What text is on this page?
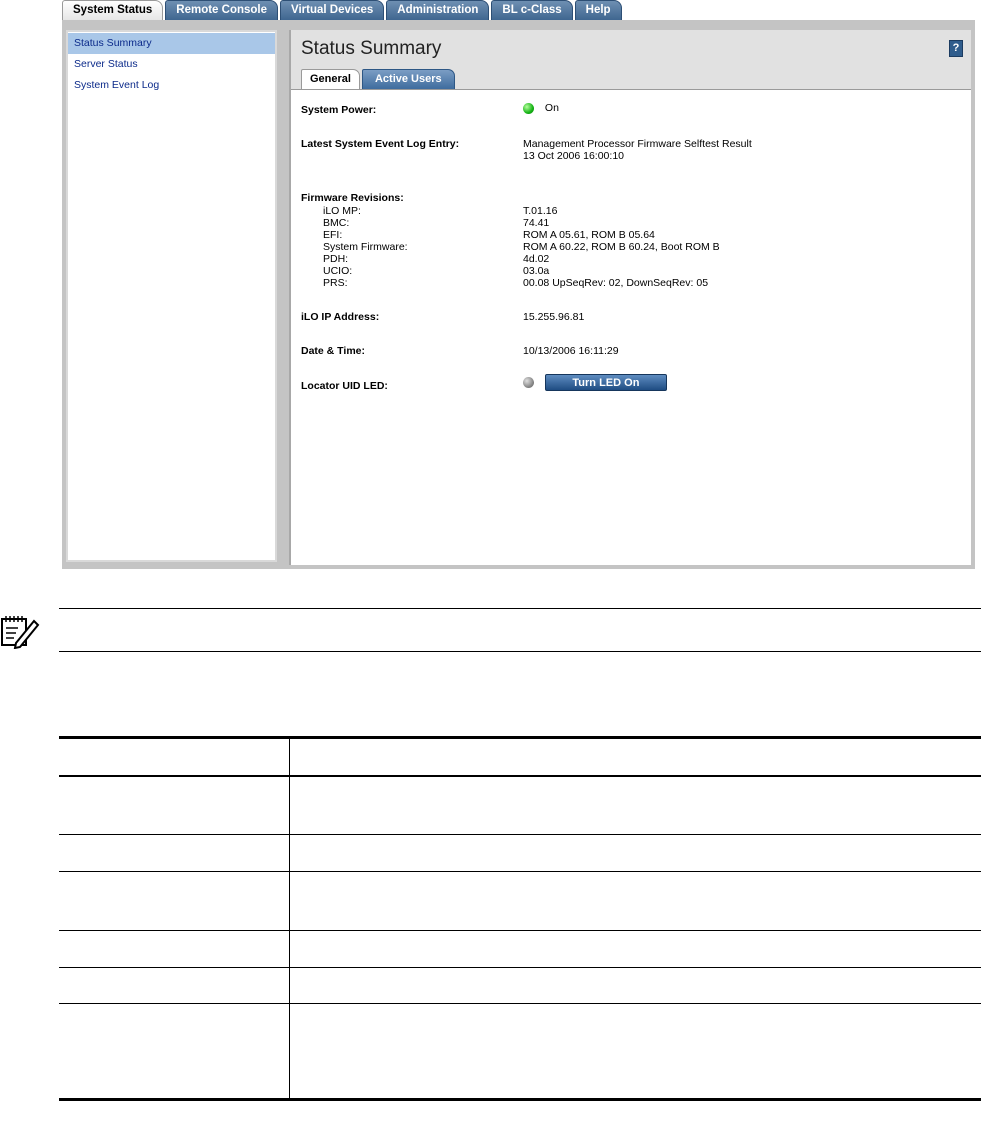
System Status	Remote Console	Virtual Devices	Administration	BL c-Class	Help
Status Summary
Server Status
System Event Log
Status Summary	?
General	Active Users
System Power:	On
Latest System Event Log Entry:	Management Processor Firmware Selftest Result
13 Oct 2006 16:00:10
Firmware Revisions:
iLO MP:	T.01.16
BMC:	74.41
EFI:	ROM A 05.61, ROM B 05.64
System Firmware:	ROM A 60.22, ROM B 60.24, Boot ROM B
PDH:	4d.02
UCIO:	03.0a
PRS:	00.08 UpSeqRev: 02, DownSeqRev: 05
iLO IP Address:	15.255.96.81
Date & Time:	10/13/2006 16:11:29
Locator UID LED:	Turn LED On
